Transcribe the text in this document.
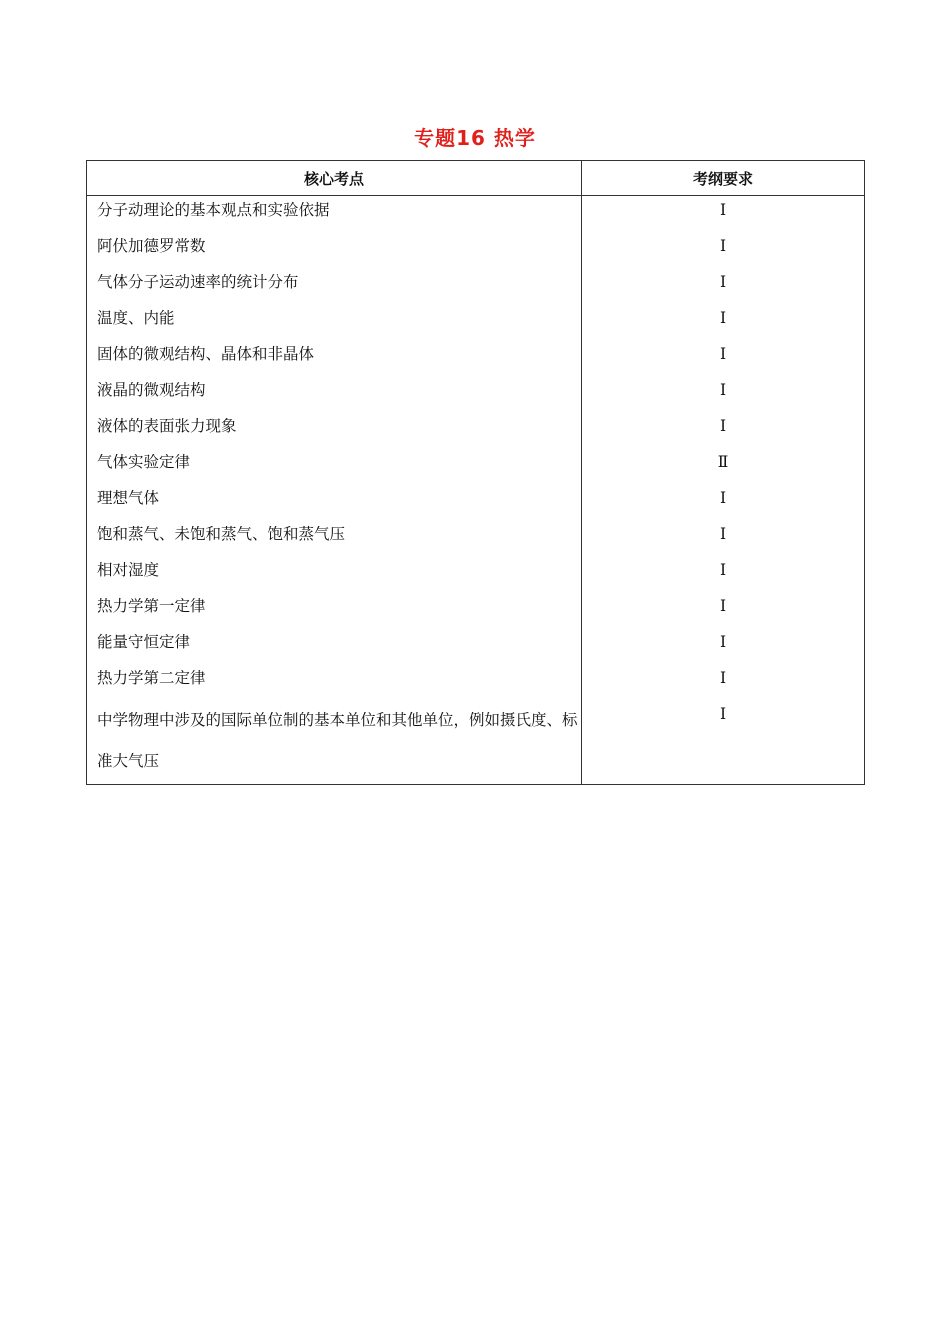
专题16 热学
核心考点	考纲要求
分子动理论的基本观点和实验依据	Ⅰ
阿伏加德罗常数	Ⅰ
气体分子运动速率的统计分布	Ⅰ
温度、内能	Ⅰ
固体的微观结构、晶体和非晶体	Ⅰ
液晶的微观结构	Ⅰ
液体的表面张力现象	Ⅰ
气体实验定律	Ⅱ
理想气体	Ⅰ
饱和蒸气、未饱和蒸气、饱和蒸气压	Ⅰ
相对湿度	Ⅰ
热力学第一定律	Ⅰ
能量守恒定律	Ⅰ
热力学第二定律	Ⅰ
中学物理中涉及的国际单位制的基本单位和其他单位，例如摄氏度、标准大气压	Ⅰ
